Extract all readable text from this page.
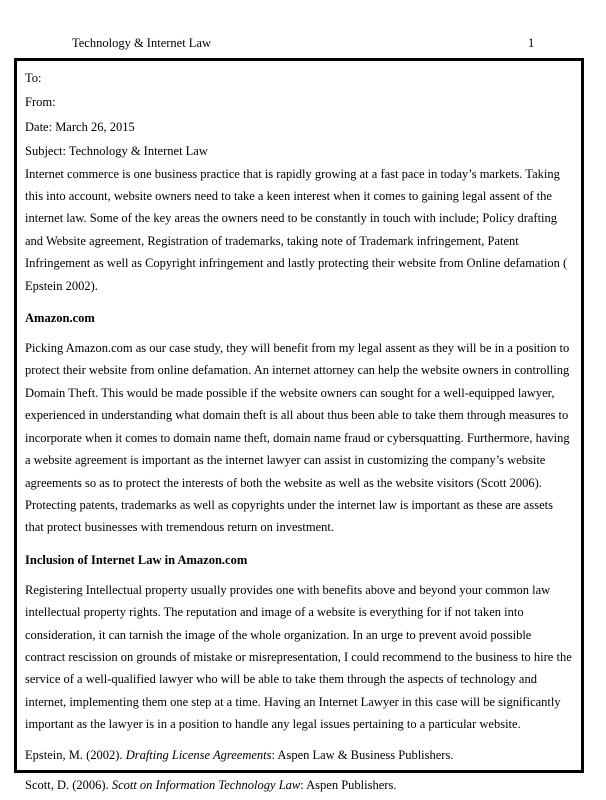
Technology & Internet Law	1

To:

From:

Date: March 26, 2015

Subject: Technology & Internet Law

Internet commerce is one business practice that is rapidly growing at a fast pace in today’s markets. Taking this into account, website owners need to take a keen interest when it comes to gaining legal assent of the internet law. Some of the key areas the owners need to be constantly in touch with include; Policy drafting and Website agreement, Registration of trademarks, taking note of Trademark infringement, Patent Infringement as well as Copyright infringement and lastly protecting their website from Online defamation ( Epstein 2002).

Amazon.com

Picking Amazon.com as our case study, they will benefit from my legal assent as they will be in a position to protect their website from online defamation. An internet attorney can help the website owners in controlling Domain Theft. This would be made possible if the website owners can sought for a well-equipped lawyer, experienced in understanding what domain theft is all about thus been able to take them through measures to incorporate when it comes to domain name theft, domain name fraud or cybersquatting. Furthermore, having a website agreement is important as the internet lawyer can assist in customizing the company’s website agreements so as to protect the interests of both the website as well as the website visitors (Scott 2006). Protecting patents, trademarks as well as copyrights under the internet law is important as these are assets that protect businesses with tremendous return on investment.

Inclusion of Internet Law in Amazon.com

Registering Intellectual property usually provides one with benefits above and beyond your common law intellectual property rights. The reputation and image of a website is everything for if not taken into consideration, it can tarnish the image of the whole organization. In an urge to prevent avoid possible contract rescission on grounds of mistake or misrepresentation, I could recommend to the business to hire the service of a well-qualified lawyer who will be able to take them through the aspects of technology and internet, implementing them one step at a time. Having an Internet Lawyer in this case will be significantly important as the lawyer is in a position to handle any legal issues pertaining to a particular website.

Epstein, M. (2002). Drafting License Agreements: Aspen Law & Business Publishers.

Scott, D. (2006). Scott on Information Technology Law: Aspen Publishers.
